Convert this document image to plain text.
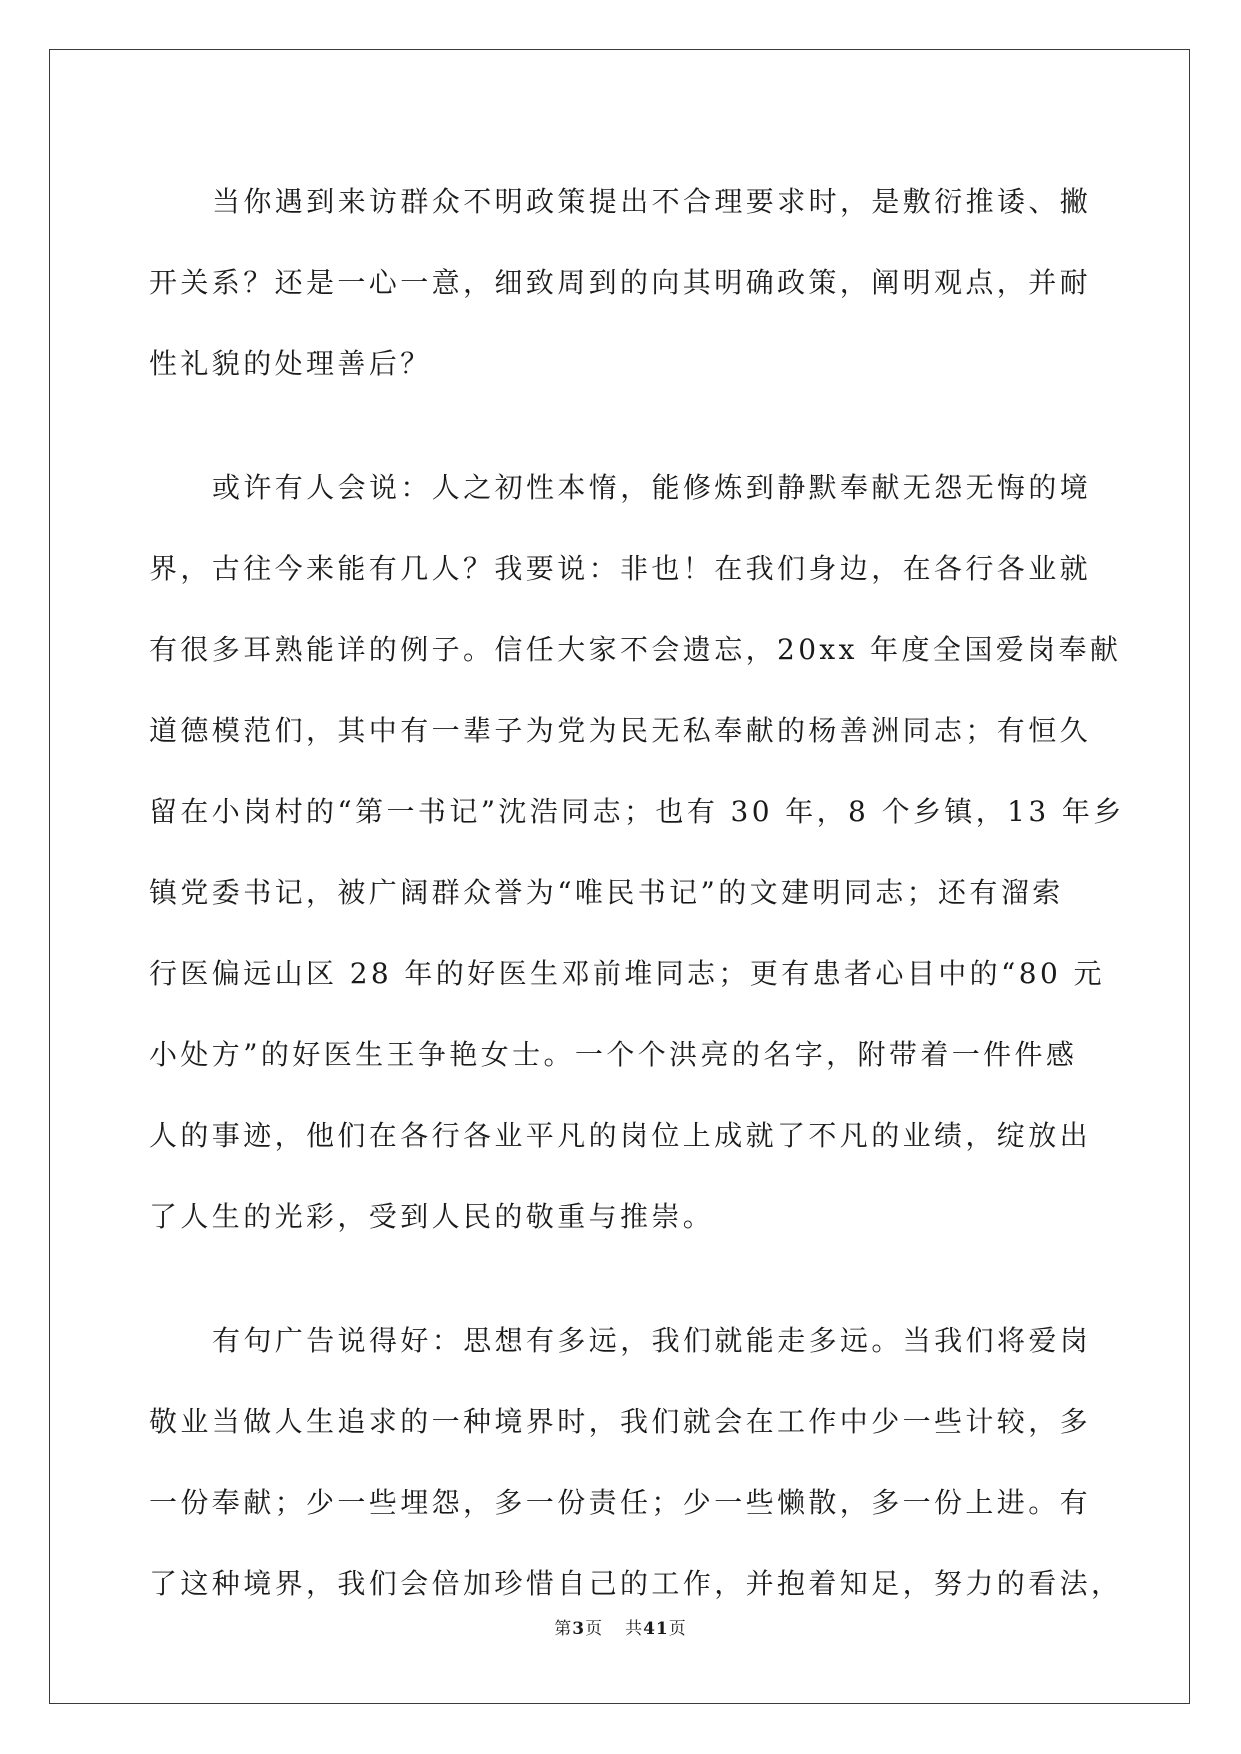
当你遇到来访群众不明政策提出不合理要求时，是敷衍推诿、撇
开关系？还是一心一意，细致周到的向其明确政策，阐明观点，并耐
性礼貌的处理善后？

或许有人会说：人之初性本惰，能修炼到静默奉献无怨无悔的境
界，古往今来能有几人？我要说：非也！在我们身边，在各行各业就
有很多耳熟能详的例子。信任大家不会遗忘，20xx 年度全国爱岗奉献
道德模范们，其中有一辈子为党为民无私奉献的杨善洲同志；有恒久
留在小岗村的“第一书记”沈浩同志；也有 30 年，8 个乡镇，13 年乡
镇党委书记，被广阔群众誉为“唯民书记”的文建明同志；还有溜索
行医偏远山区 28 年的好医生邓前堆同志；更有患者心目中的“80 元
小处方”的好医生王争艳女士。一个个洪亮的名字，附带着一件件感
人的事迹，他们在各行各业平凡的岗位上成就了不凡的业绩，绽放出
了人生的光彩，受到人民的敬重与推崇。

有句广告说得好：思想有多远，我们就能走多远。当我们将爱岗
敬业当做人生追求的一种境界时，我们就会在工作中少一些计较，多
一份奉献；少一些埋怨，多一份责任；少一些懒散，多一份上进。有
了这种境界，我们会倍加珍惜自己的工作，并抱着知足，努力的看法，

第3页 共41页
